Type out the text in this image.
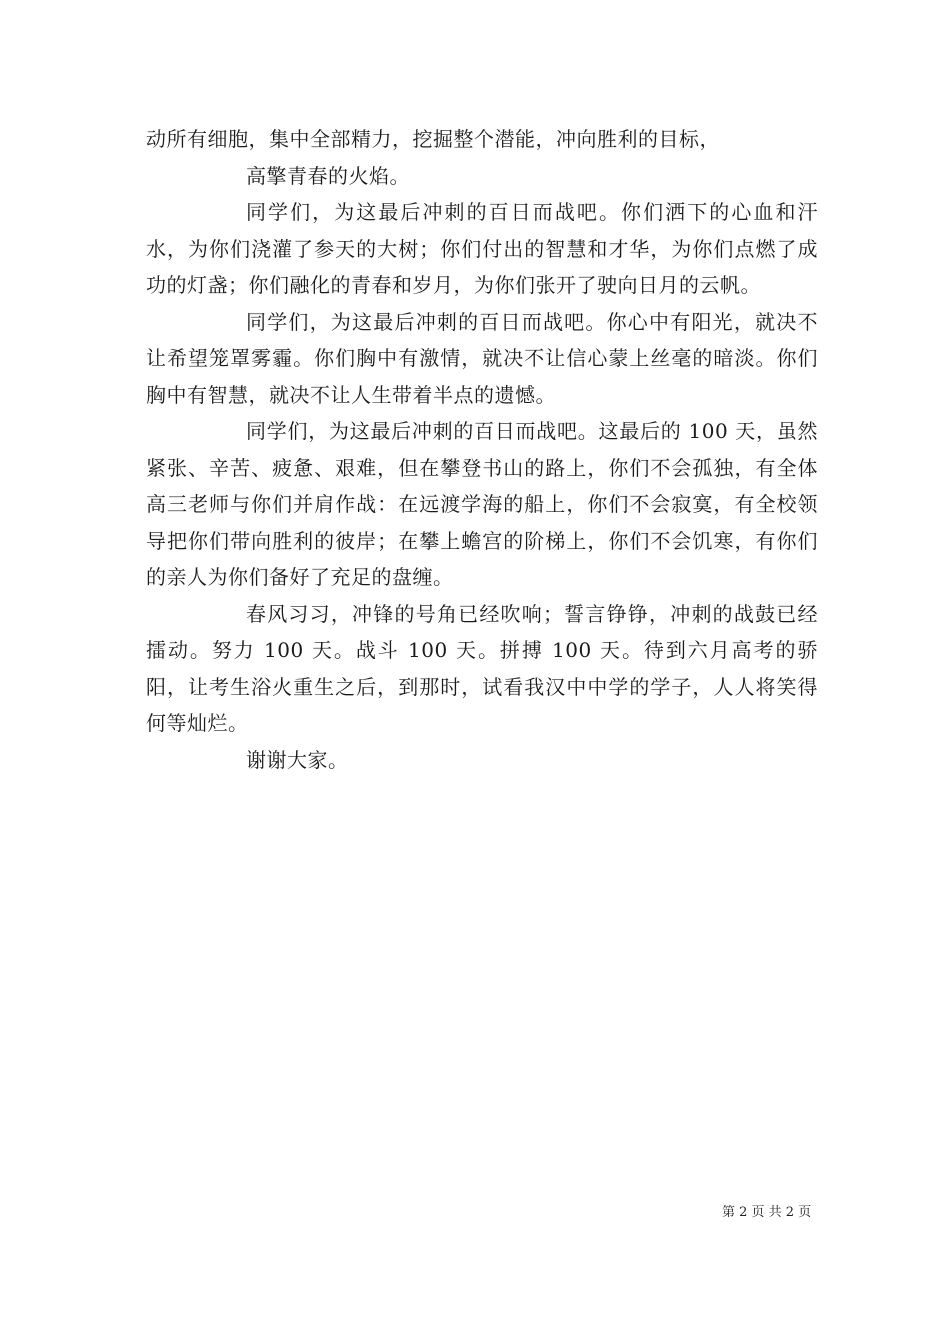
动所有细胞，集中全部精力，挖掘整个潜能，冲向胜利的目标，

高擎青春的火焰。

同学们，为这最后冲刺的百日而战吧。你们洒下的心血和汗水，为你们浇灌了参天的大树；你们付出的智慧和才华，为你们点燃了成功的灯盏；你们融化的青春和岁月，为你们张开了驶向日月的云帆。

同学们，为这最后冲刺的百日而战吧。你心中有阳光，就决不让希望笼罩雾霾。你们胸中有激情，就决不让信心蒙上丝毫的暗淡。你们胸中有智慧，就决不让人生带着半点的遗憾。

同学们，为这最后冲刺的百日而战吧。这最后的 100 天，虽然紧张、辛苦、疲惫、艰难，但在攀登书山的路上，你们不会孤独，有全体高三老师与你们并肩作战：在远渡学海的船上，你们不会寂寞，有全校领导把你们带向胜利的彼岸；在攀上蟾宫的阶梯上，你们不会饥寒，有你们的亲人为你们备好了充足的盘缠。

春风习习，冲锋的号角已经吹响；誓言铮铮，冲刺的战鼓已经擂动。努力 100 天。战斗 100 天。拼搏 100 天。待到六月高考的骄阳，让考生浴火重生之后，到那时，试看我汉中中学的学子，人人将笑得何等灿烂。

谢谢大家。

第 2 页 共 2 页
